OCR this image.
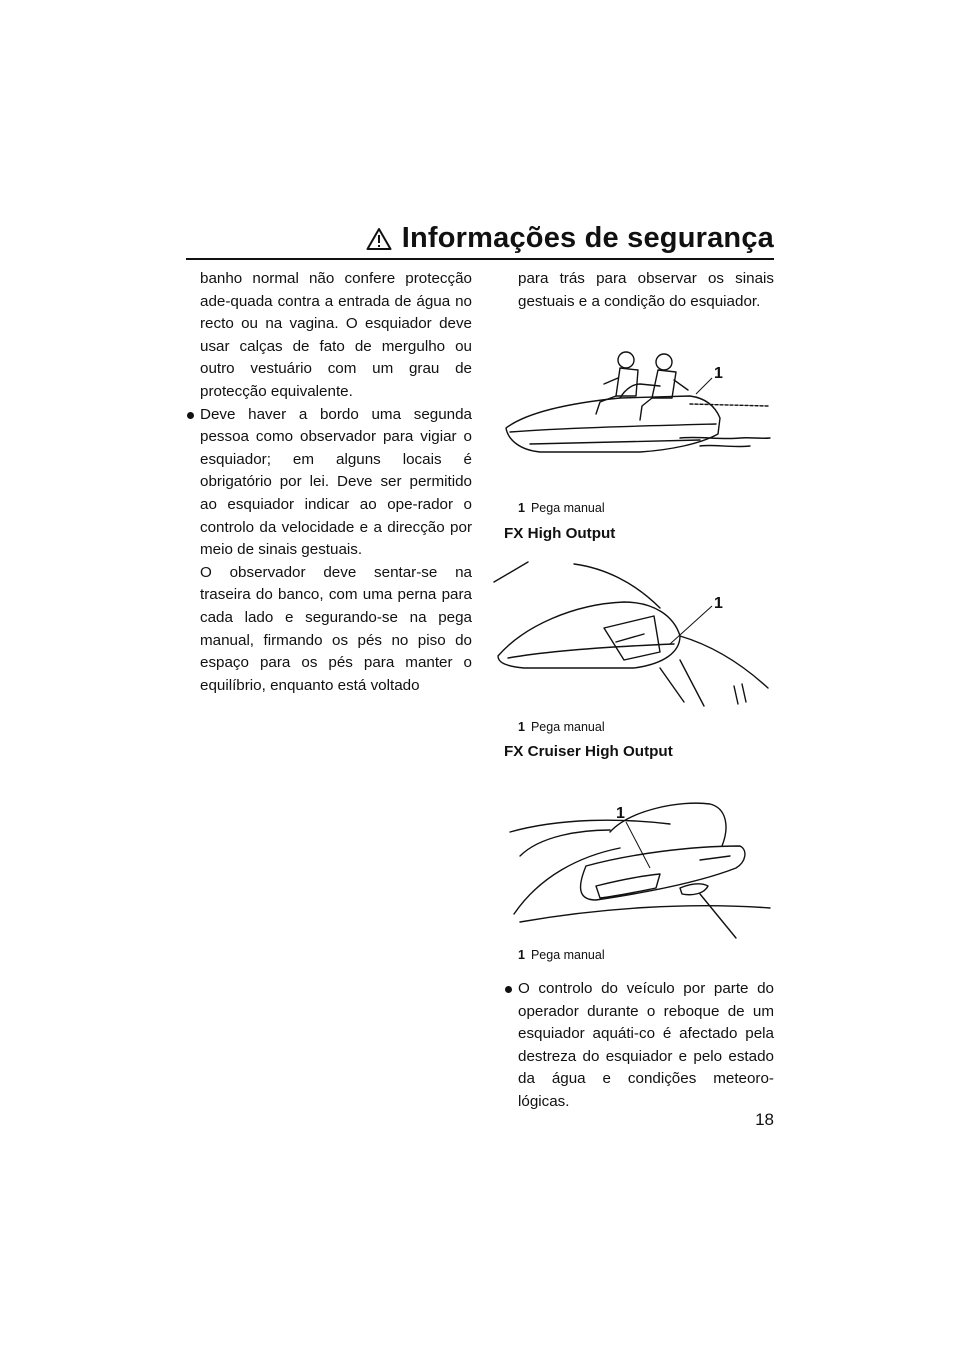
Informações de segurança

banho normal não confere protecção ade-quada contra a entrada de água no recto ou na vagina. O esquiador deve usar calças de fato de mergulho ou outro vestuário com um grau de protecção equivalente.

Deve haver a bordo uma segunda pessoa como observador para vigiar o esquiador; em alguns locais é obrigatório por lei. Deve ser permitido ao esquiador indicar ao ope-rador o controlo da velocidade e a direcção por meio de sinais gestuais.

O observador deve sentar-se na traseira do banco, com uma perna para cada lado e segurando-se na pega manual, firmando os pés no piso do espaço para os pés para manter o equilíbrio, enquanto está voltado

para trás para observar os sinais gestuais e a condição do esquiador.

1
1 Pega manual
FX High Output
1
1 Pega manual
FX Cruiser High Output
1
1 Pega manual

O controlo do veículo por parte do operador durante o reboque de um esquiador aquáti-co é afectado pela destreza do esquiador e pelo estado da água e condições meteoro-lógicas.

18
